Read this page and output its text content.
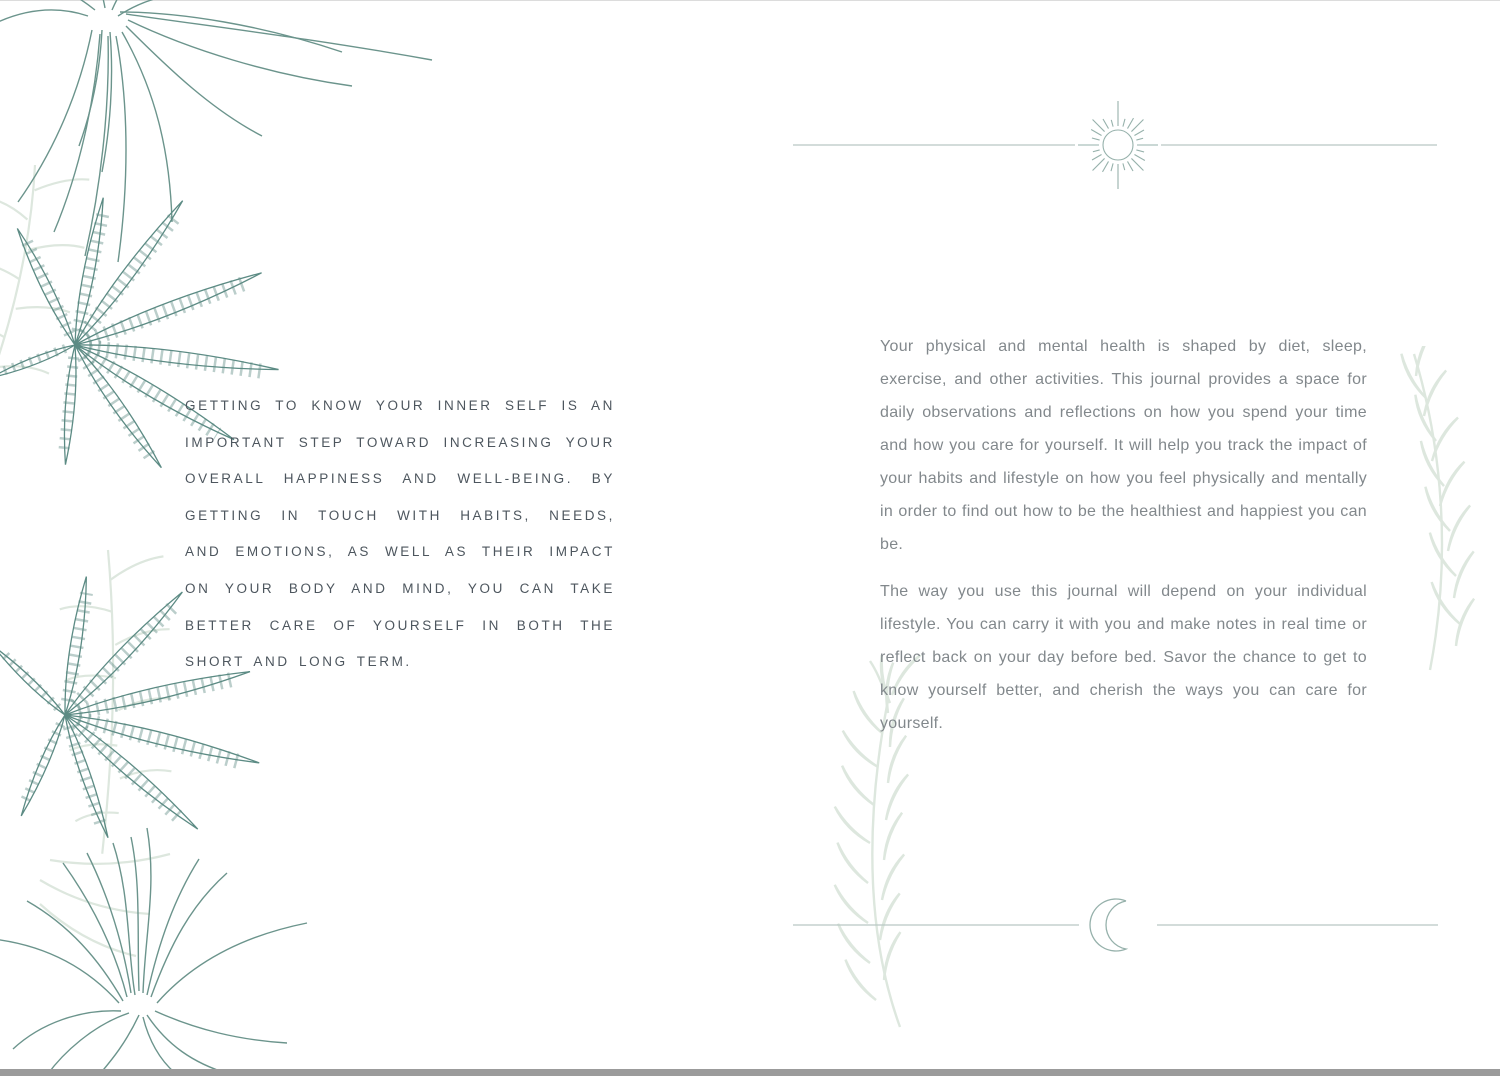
GETTING TO KNOW YOUR INNER SELF IS AN IMPORTANT STEP TOWARD INCREASING YOUR OVERALL HAPPINESS AND WELL-BEING. BY GETTING IN TOUCH WITH HABITS, NEEDS, AND EMOTIONS, AS WELL AS THEIR IMPACT ON YOUR BODY AND MIND, YOU CAN TAKE BETTER CARE OF YOURSELF IN BOTH THE SHORT AND LONG TERM.

Your physical and mental health is shaped by diet, sleep, exercise, and other activities. This journal provides a space for daily observations and reflections on how you spend your time and how you care for yourself. It will help you track the impact of your habits and lifestyle on how you feel physically and mentally in order to find out how to be the healthiest and happiest you can be.

The way you use this journal will depend on your individual lifestyle. You can carry it with you and make notes in real time or reflect back on your day before bed. Savor the chance to get to know yourself better, and cherish the ways you can care for yourself.
